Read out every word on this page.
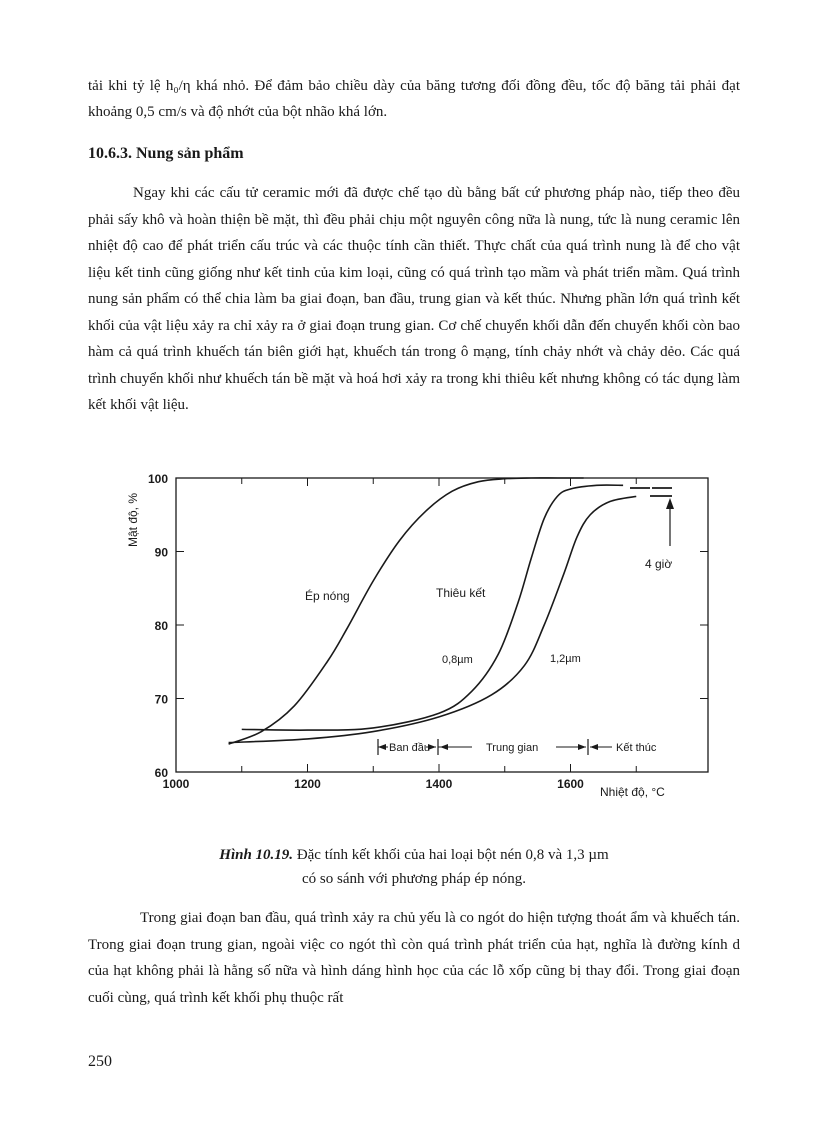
tải khi tỷ lệ h₀/η khá nhỏ. Để đảm bảo chiều dày của băng tương đối đồng đều, tốc độ băng tải phải đạt khoảng 0,5 cm/s và độ nhớt của bột nhão khá lớn.
10.6.3. Nung sản phẩm
Ngay khi các cấu tử ceramic mới đã được chế tạo dù bằng bất cứ phương pháp nào, tiếp theo đều phải sấy khô và hoàn thiện bề mặt, thì đều phải chịu một nguyên công nữa là nung, tức là nung ceramic lên nhiệt độ cao để phát triển cấu trúc và các thuộc tính cần thiết. Thực chất của quá trình nung là để cho vật liệu kết tinh cũng giống như kết tinh của kim loại, cũng có quá trình tạo mầm và phát triển mầm. Quá trình nung sản phẩm có thể chia làm ba giai đoạn, ban đầu, trung gian và kết thúc. Nhưng phần lớn quá trình kết khối của vật liệu xảy ra chỉ xảy ra ở giai đoạn trung gian. Cơ chế chuyển khối dẫn đến chuyển khối còn bao hàm cả quá trình khuếch tán biên giới hạt, khuếch tán trong ô mạng, tính chảy nhớt và chảy dẻo. Các quá trình chuyển khối như khuếch tán bề mặt và hoá hơi xảy ra trong khi thiêu kết nhưng không có tác dụng làm kết khối vật liệu.
60
70
80
90
100
1000	1200	1400	1600
Mật độ, %
Nhiệt độ, °C
Ép nóng	Thiêu kết
0,8µm	1,2µm
4 giờ
Ban đầu	Trung gian	Kết thúc
Hình 10.19. Đặc tính kết khối của hai loại bột nén 0,8 và 1,3 µm
có so sánh với phương pháp ép nóng.
Trong giai đoạn ban đầu, quá trình xảy ra chủ yếu là co ngót do hiện tượng thoát ẩm và khuếch tán. Trong giai đoạn trung gian, ngoài việc co ngót thì còn quá trình phát triển của hạt, nghĩa là đường kính d của hạt không phải là hằng số nữa và hình dáng hình học của các lỗ xốp cũng bị thay đổi. Trong giai đoạn cuối cùng, quá trình kết khối phụ thuộc rất
250
